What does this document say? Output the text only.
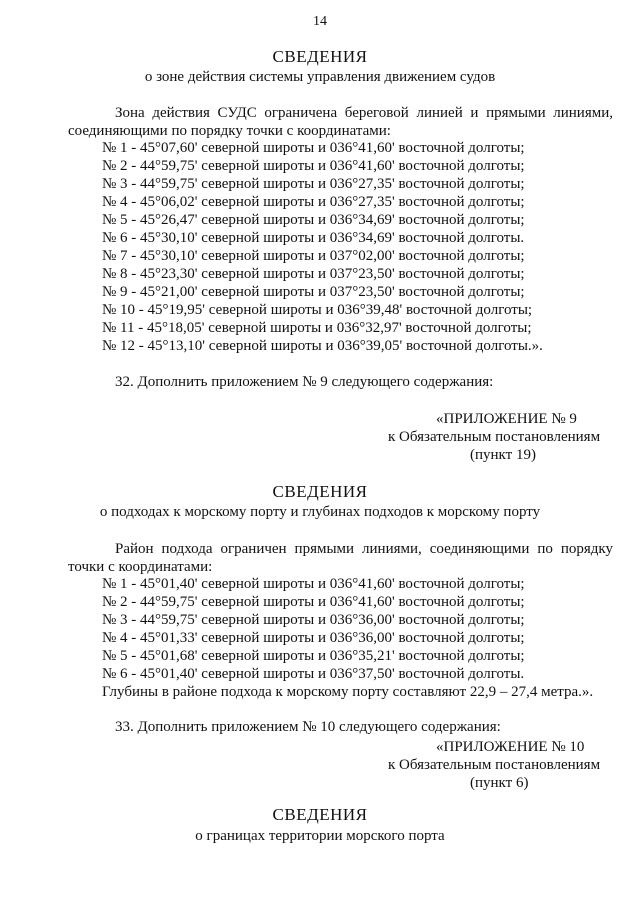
14
СВЕДЕНИЯ
о зоне действия системы управления движением судов
Зона действия СУДС ограничена береговой линией и прямыми линиями,
соединяющими по порядку точки с координатами:
№ 1 - 45°07,60' северной широты и 036°41,60' восточной долготы;
№ 2 - 44°59,75' северной широты и 036°41,60' восточной долготы;
№ 3 - 44°59,75' северной широты и 036°27,35' восточной долготы;
№ 4 - 45°06,02' северной широты и 036°27,35' восточной долготы;
№ 5 - 45°26,47' северной широты и 036°34,69' восточной долготы;
№ 6 - 45°30,10' северной широты и 036°34,69' восточной долготы.
№ 7 - 45°30,10' северной широты и 037°02,00' восточной долготы;
№ 8 - 45°23,30' северной широты и 037°23,50' восточной долготы;
№ 9 - 45°21,00' северной широты и 037°23,50' восточной долготы;
№ 10 - 45°19,95' северной широты и 036°39,48' восточной долготы;
№ 11 - 45°18,05' северной широты и 036°32,97' восточной долготы;
№ 12 - 45°13,10' северной широты и 036°39,05' восточной долготы.».
32. Дополнить приложением № 9 следующего содержания:
«ПРИЛОЖЕНИЕ № 9
к Обязательным постановлениям
(пункт 19)
СВЕДЕНИЯ
о подходах к морскому порту и глубинах подходов к морскому порту
Район подхода ограничен прямыми линиями, соединяющими по порядку
точки с координатами:
№ 1 - 45°01,40' северной широты и 036°41,60' восточной долготы;
№ 2 - 44°59,75' северной широты и 036°41,60' восточной долготы;
№ 3 - 44°59,75' северной широты и 036°36,00' восточной долготы;
№ 4 - 45°01,33' северной широты и 036°36,00' восточной долготы;
№ 5 - 45°01,68' северной широты и 036°35,21' восточной долготы;
№ 6 - 45°01,40' северной широты и 036°37,50' восточной долготы.
Глубины в районе подхода к морскому порту составляют 22,9 – 27,4 метра.».
33. Дополнить приложением № 10 следующего содержания:
«ПРИЛОЖЕНИЕ № 10
к Обязательным постановлениям
(пункт 6)
СВЕДЕНИЯ
о границах территории морского порта
